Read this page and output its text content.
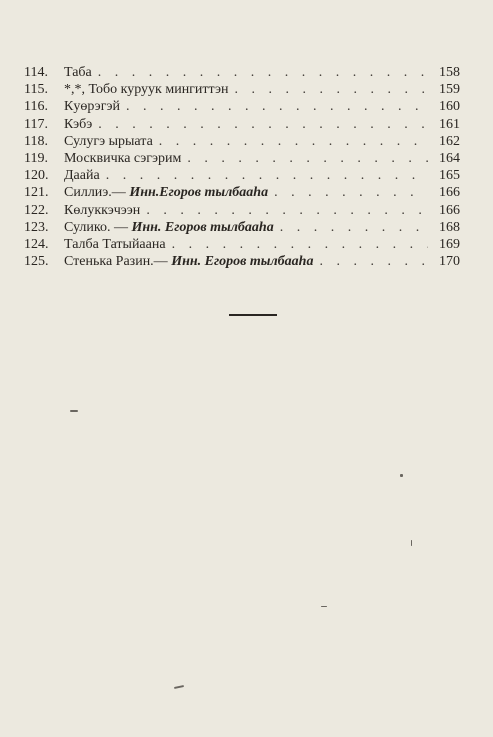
114.	Таба . . .	158
115.	*,*, Тобо куруук мингиттэн . . .	159
116.	Кyөрэгэй . . .	160
117.	Кэбэ . . .	161
118.	Сулyгэ ырыата . . .	162
119.	Москвичка сэгэрим . . .	164
120.	Даайа . . .	165
121.	Силлиэ.— Инн.Егоров тылбааһа . . .	166
122.	Көлуккэчээн . . .	166
123.	Сулико. — Инн. Егоров тылбааһа . . .	168
124.	Талба Татыйаана . . .	169
125.	Стенька Разин.— Инн. Егоров тылбааһа . . .	170
